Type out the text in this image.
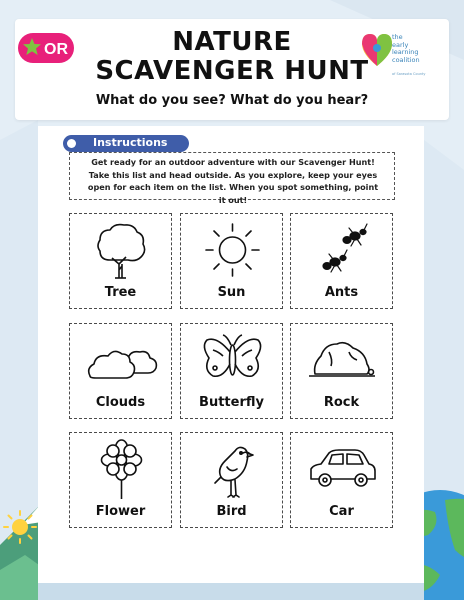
NATURE
SCAVENGER HUNT
What do you see? What do you hear?
OR
the
early
learning
coalition
of Sarasota County
Instructions
Get ready for an outdoor adventure with our Scavenger Hunt! Take this list and head outside. As you explore, keep your eyes open for each item on the list. When you spot something, point it out!
Tree	Sun	Ants
Clouds	Butterfly	Rock
Flower	Bird	Car
